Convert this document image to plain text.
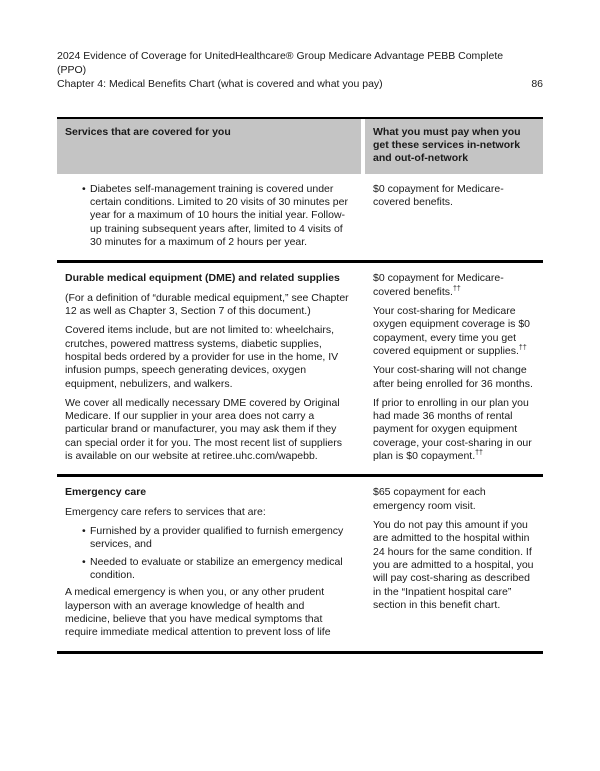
2024 Evidence of Coverage for UnitedHealthcare® Group Medicare Advantage PEBB Complete
(PPO)
Chapter 4: Medical Benefits Chart (what is covered and what you pay)	86
Services that are covered for you	What you must pay when you get these services in-network and out-of-network
• Diabetes self-management training is covered under certain conditions. Limited to 20 visits of 30 minutes per year for a maximum of 10 hours the initial year. Follow-up training subsequent years after, limited to 4 visits of 30 minutes for a maximum of 2 hours per year.

$0 copayment for Medicare-covered benefits.

Durable medical equipment (DME) and related supplies

(For a definition of “durable medical equipment,” see Chapter 12 as well as Chapter 3, Section 7 of this document.)

Covered items include, but are not limited to: wheelchairs, crutches, powered mattress systems, diabetic supplies, hospital beds ordered by a provider for use in the home, IV infusion pumps, speech generating devices, oxygen equipment, nebulizers, and walkers.

We cover all medically necessary DME covered by Original Medicare. If our supplier in your area does not carry a particular brand or manufacturer, you may ask them if they can special order it for you. The most recent list of suppliers is available on our website at retiree.uhc.com/wapebb.

$0 copayment for Medicare-covered benefits.††

Your cost-sharing for Medicare oxygen equipment coverage is $0 copayment, every time you get covered equipment or supplies.††

Your cost-sharing will not change after being enrolled for 36 months.

If prior to enrolling in our plan you had made 36 months of rental payment for oxygen equipment coverage, your cost-sharing in our plan is $0 copayment.††

Emergency care

Emergency care refers to services that are:

• Furnished by a provider qualified to furnish emergency services, and
• Needed to evaluate or stabilize an emergency medical condition.

A medical emergency is when you, or any other prudent layperson with an average knowledge of health and medicine, believe that you have medical symptoms that require immediate medical attention to prevent loss of life

$65 copayment for each emergency room visit.

You do not pay this amount if you are admitted to the hospital within 24 hours for the same condition. If you are admitted to a hospital, you will pay cost-sharing as described in the “Inpatient hospital care” section in this benefit chart.
